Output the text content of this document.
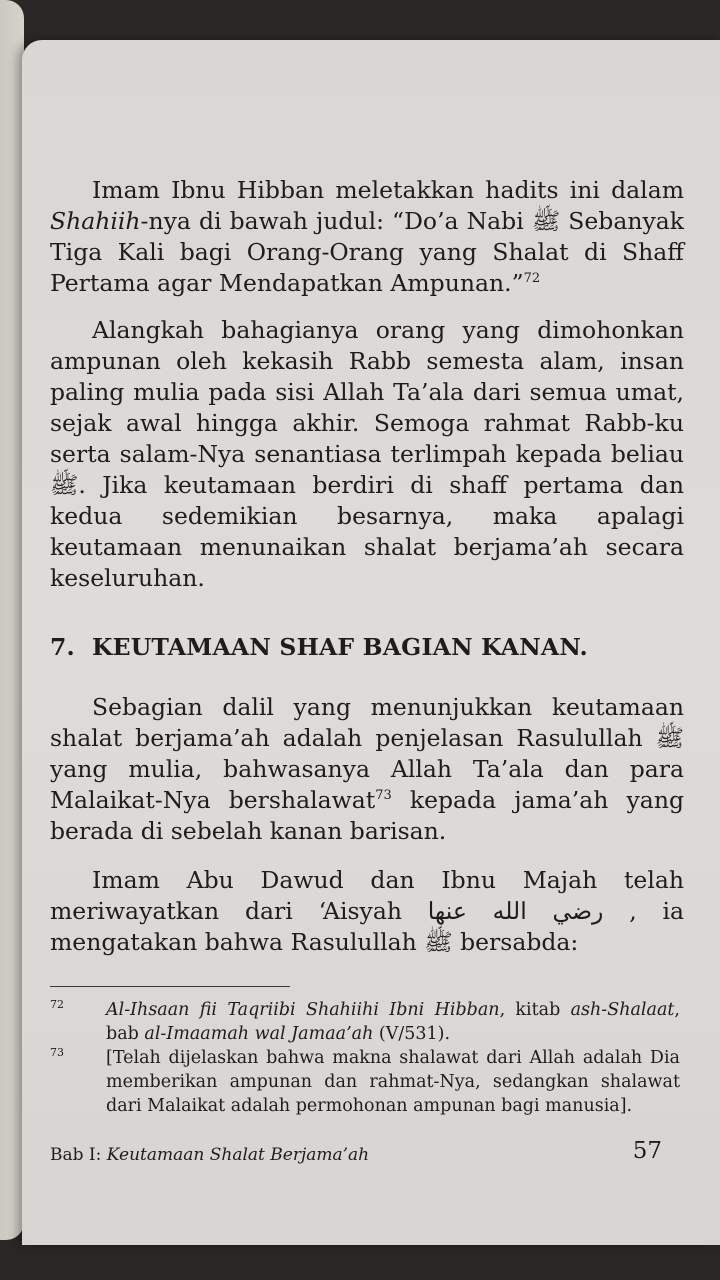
Imam Ibnu Hibban meletakkan hadits ini dalam Shahiih-nya di bawah judul: “Do’a Nabi ﷺ Sebanyak Tiga Kali bagi Orang-Orang yang Shalat di Shaff Pertama agar Mendapatkan Ampunan.”$^{72}$
Alangkah bahagianya orang yang dimohonkan ampunan oleh kekasih Rabb semesta alam, insan paling mulia pada sisi Allah Ta’ala dari semua umat, sejak awal hingga akhir. Semoga rahmat Rabb-ku serta salam-Nya senantiasa terlimpah kepada beliau ﷺ. Jika keutamaan berdiri di shaff pertama dan kedua sedemikian besarnya, maka apalagi keutamaan menunaikan shalat berjama’ah secara keseluruhan.
7. KEUTAMAAN SHAF BAGIAN KANAN.
Sebagian dalil yang menunjukkan keutamaan shalat berjama’ah adalah penjelasan Rasulullah ﷺ yang mulia, bahwasanya Allah Ta’ala dan para Malaikat-Nya bershalawat$^{73}$ kepada jama’ah yang berada di sebelah kanan barisan.
Imam Abu Dawud dan Ibnu Majah telah meriwayatkan dari ‘Aisyah رضي الله عنها , ia mengatakan bahwa Rasulullah ﷺ bersabda:
72 Al-Ihsaan fii Taqriibi Shahiihi Ibni Hibban, kitab ash-Shalaat, bab al-Imaamah wal Jamaa’ah (V/531).
73 [Telah dijelaskan bahwa makna shalawat dari Allah adalah Dia memberikan ampunan dan rahmat-Nya, sedangkan shalawat dari Malaikat adalah permohonan ampunan bagi manusia].
Bab I: Keutamaan Shalat Berjama’ah	57
